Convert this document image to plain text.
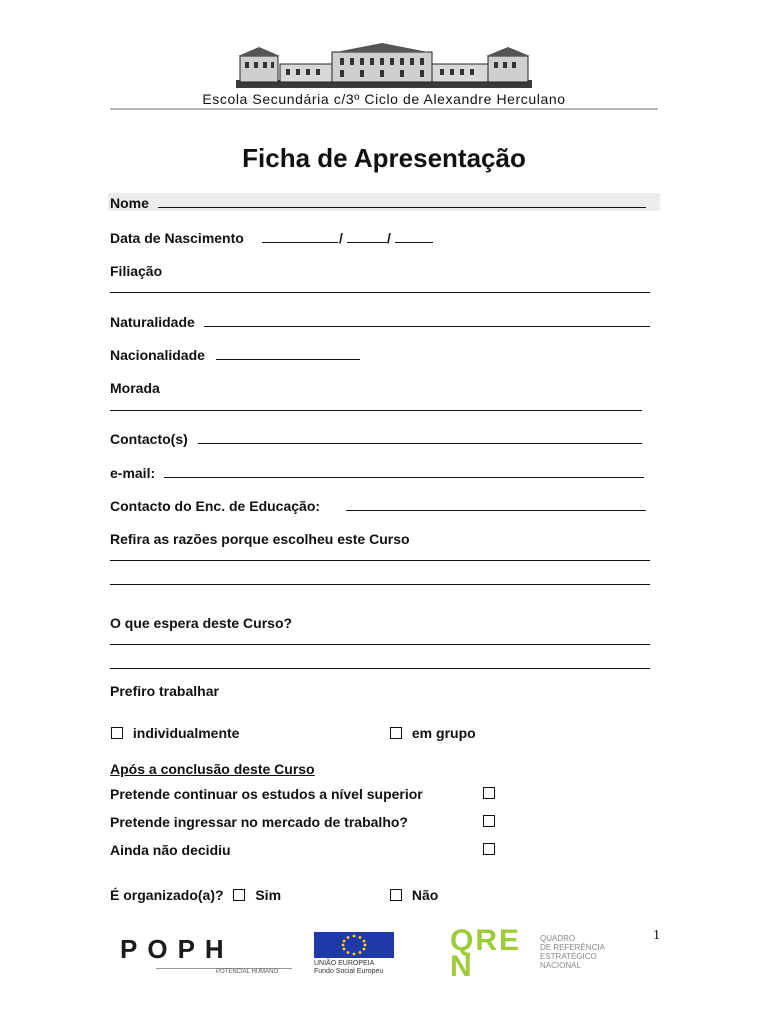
Escola Secundária c/3º Ciclo de Alexandre Herculano
Ficha de Apresentação
Nome
Data de Nascimento	/	/
Filiação
Naturalidade
Nacionalidade
Morada
Contacto(s)
e-mail:
Contacto do Enc. de Educação:
Refira as razões porque escolheu este Curso
O que espera deste Curso?
Prefiro trabalhar
individualmente	em grupo
Após a conclusão deste Curso
Pretende continuar os estudos a nível superior
Pretende ingressar no mercado de trabalho?
Ainda não decidiu
É organizado(a)? Sim	Não
1
POPH
POTENCIAL HUMANO
UNIÃO EUROPEIA
Fundo Social Europeu
QREN
QUADRO
DE REFERÊNCIA
ESTRATÉGICO
NACIONAL
